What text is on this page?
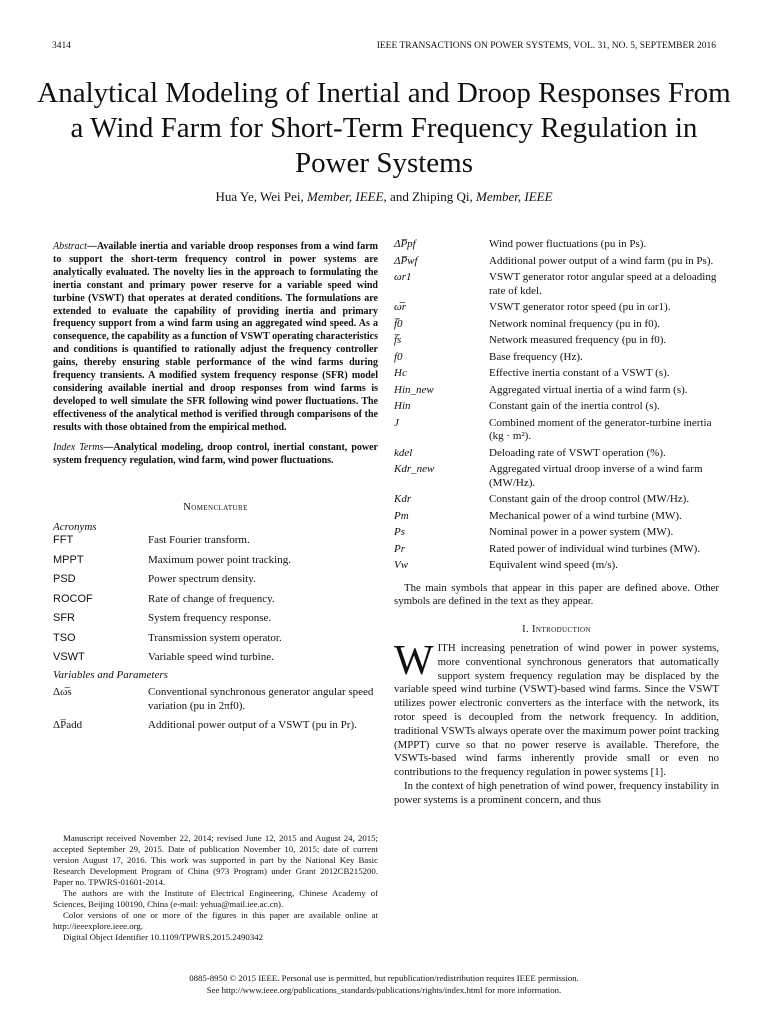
3414	IEEE TRANSACTIONS ON POWER SYSTEMS, VOL. 31, NO. 5, SEPTEMBER 2016
Analytical Modeling of Inertial and Droop Responses From a Wind Farm for Short-Term Frequency Regulation in Power Systems
Hua Ye, Wei Pei, Member, IEEE, and Zhiping Qi, Member, IEEE

Abstract—Available inertia and variable droop responses from a wind farm to support the short-term frequency control in power systems are analytically evaluated. The novelty lies in the approach to formulating the inertia constant and primary power reserve for a variable speed wind turbine (VSWT) that operates at derated conditions. The formulations are extended to evaluate the capability of providing inertia and primary frequency support from a wind farm using an aggregated wind speed. As a consequence, the capability as a function of VSWT operating characteristics and conditions is quantified to rationally adjust the frequency controller gains, thereby ensuring stable performance of the wind farms during frequency transients. A modified system frequency response (SFR) model considering available inertial and droop responses from wind farms is developed to well simulate the SFR following wind power fluctuations. The effectiveness of the analytical method is verified through comparisons of the results with those obtained from the empirical method.

Index Terms—Analytical modeling, droop control, inertial constant, power system frequency regulation, wind farm, wind power fluctuations.

Nomenclature
Acronyms
FFT	Fast Fourier transform.
MPPT	Maximum power point tracking.
PSD	Power spectrum density.
ROCOF	Rate of change of frequency.
SFR	System frequency response.
TSO	Transmission system operator.
VSWT	Variable speed wind turbine.
Variables and Parameters
Δω̅s	Conventional synchronous generator angular speed variation (pu in 2πf0).
ΔP̅add	Additional power output of a VSWT (pu in Pr).

Manuscript received November 22, 2014; revised June 12, 2015 and August 24, 2015; accepted September 29, 2015. Date of publication November 10, 2015; date of current version August 17, 2016. This work was supported in part by the National Key Basic Research Development Program of China (973 Program) under Grant 2012CB215200. Paper no. TPWRS-01601-2014.

The authors are with the Institute of Electrical Engineering, Chinese Academy of Sciences, Beijing 100190, China (e-mail: yehua@mail.iee.ac.cn).

Color versions of one or more of the figures in this paper are available online at http://ieeexplore.ieee.org.

Digital Object Identifier 10.1109/TPWRS.2015.2490342

ΔP̅pf	Wind power fluctuations (pu in Ps).
ΔP̅wf	Additional power output of a wind farm (pu in Ps).
ωr1	VSWT generator rotor angular speed at a deloading rate of kdel.
ω̅r	VSWT generator rotor speed (pu in ωr1).
f̅0	Network nominal frequency (pu in f0).
f̅s	Network measured frequency (pu in f0).
f0	Base frequency (Hz).
Hc	Effective inertia constant of a VSWT (s).
Hin_new	Aggregated virtual inertia of a wind farm (s).
Hin	Constant gain of the inertia control (s).
J	Combined moment of the generator-turbine inertia (kg · m²).
kdel	Deloading rate of VSWT operation (%).
Kdr_new	Aggregated virtual droop inverse of a wind farm (MW/Hz).
Kdr	Constant gain of the droop control (MW/Hz).
Pm	Mechanical power of a wind turbine (MW).
Ps	Nominal power in a power system (MW).
Pr	Rated power of individual wind turbines (MW).
Vw	Equivalent wind speed (m/s).

The main symbols that appear in this paper are defined above. Other symbols are defined in the text as they appear.

I. Introduction

WITH increasing penetration of wind power in power systems, more conventional synchronous generators that automatically support system frequency regulation may be displaced by the variable speed wind turbine (VSWT)-based wind farms. Since the VSWT utilizes power electronic converters as the interface with the network, its rotor speed is decoupled from the network frequency. In addition, traditional VSWTs always operate over the maximum power point tracking (MPPT) curve so that no power reserve is available. Therefore, the VSWTs-based wind farms inherently provide small or even no contributions to the frequency regulation in power systems [1].

In the context of high penetration of wind power, frequency instability in power systems is a prominent concern, and thus

0885-8950 © 2015 IEEE. Personal use is permitted, but republication/redistribution requires IEEE permission.
See http://www.ieee.org/publications_standards/publications/rights/index.html for more information.
